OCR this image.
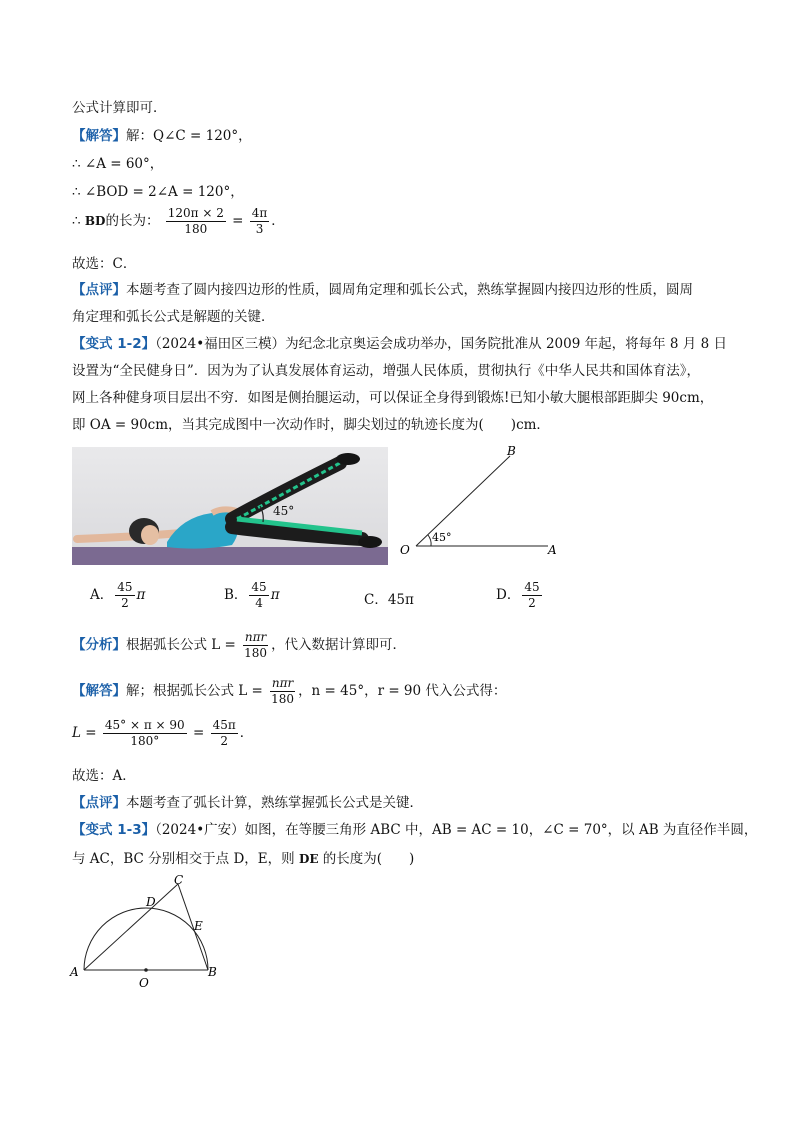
公式计算即可．
【解答】解：Q∠C = 120°，
∴ ∠A = 60°，
∴ ∠BOD = 2∠A = 120°，
∴ BD的长为： $\frac{120\pi \times 2}{180} = \frac{4\pi}{3}$ ．
故选：C．
【点评】本题考查了圆内接四边形的性质，圆周角定理和弧长公式，熟练掌握圆内接四边形的性质，圆周
角定理和弧长公式是解题的关键．
【变式 1-2】（2024•福田区三模）为纪念北京奥运会成功举办，国务院批准从 2009 年起，将每年 8 月 8 日
设置为“全民健身日”．因为为了认真发展体育运动，增强人民体质，贯彻执行《中华人民共和国体育法》，
网上各种健身项目层出不穷．如图是侧抬腿运动，可以保证全身得到锻炼!已知小敏大腿根部距脚尖 90cm，
即 OA = 90cm，当其完成图中一次动作时，脚尖划过的轨迹长度为(　　)cm．
45°
B
O	A
45°
A． $\frac{45}{2}$ π	B． $\frac{45}{4}$ π	C．45π	D． $\frac{45}{2}$
【分析】根据弧长公式 $L = \frac{\text{nπr}}{180}$ ，代入数据计算即可．
【解答】解；根据弧长公式 $L = \frac{\text{nπr}}{180}$ ，n = 45°，r = 90 代入公式得：
$L = \frac{45^\circ \times \pi \times 90}{180^\circ} = \frac{45\pi}{2}$ ．
故选：A．
【点评】本题考查了弧长计算，熟练掌握弧长公式是关键．
【变式 1-3】（2024•广安）如图，在等腰三角形 ABC 中，AB = AC = 10，∠C = 70°，以 AB 为直径作半圆，
与 AC，BC 分别相交于点 D，E，则 DE 的长度为(　　)
C
D
E
A
O
B
